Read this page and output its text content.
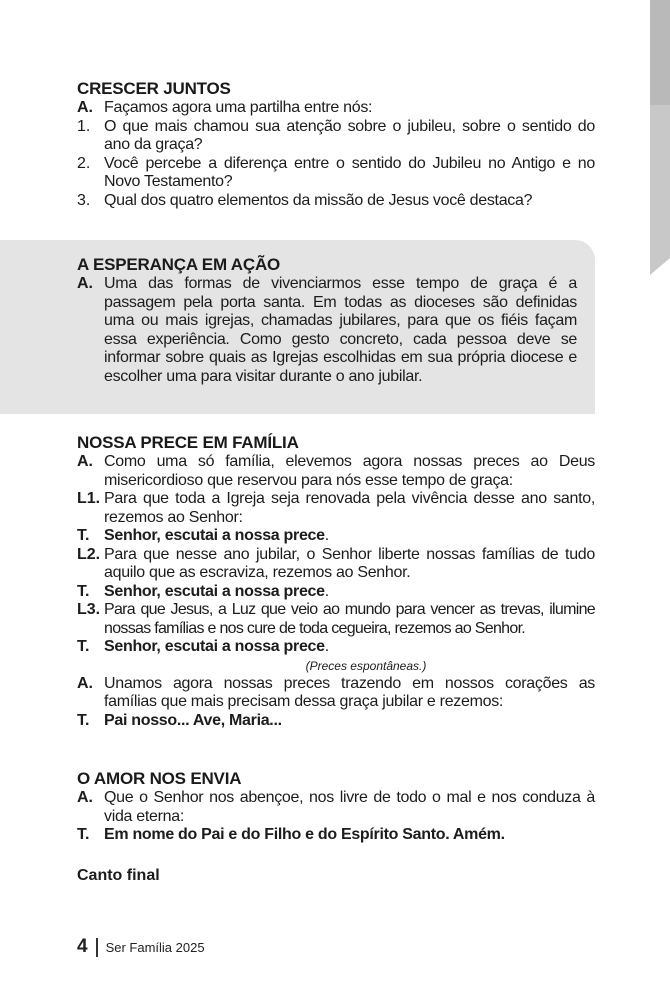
CRESCER JUNTOS
A. Façamos agora uma partilha entre nós:
1. O que mais chamou sua atenção sobre o jubileu, sobre o sentido do ano da graça?
2. Você percebe a diferença entre o sentido do Jubileu no Antigo e no Novo Testamento?
3. Qual dos quatro elementos da missão de Jesus você destaca?
A ESPERANÇA EM AÇÃO
A. Uma das formas de vivenciarmos esse tempo de graça é a passagem pela porta santa. Em todas as dioceses são definidas uma ou mais igrejas, chamadas jubilares, para que os fiéis façam essa experiência. Como gesto concreto, cada pessoa deve se informar sobre quais as Igrejas escolhidas em sua própria diocese e escolher uma para visitar durante o ano jubilar.
NOSSA PRECE EM FAMÍLIA
A. Como uma só família, elevemos agora nossas preces ao Deus misericordioso que reservou para nós esse tempo de graça:
L1. Para que toda a Igreja seja renovada pela vivência desse ano santo, rezemos ao Senhor:
T. Senhor, escutai a nossa prece.
L2. Para que nesse ano jubilar, o Senhor liberte nossas famílias de tudo aquilo que as escraviza, rezemos ao Senhor.
T. Senhor, escutai a nossa prece.
L3. Para que Jesus, a Luz que veio ao mundo para vencer as trevas, ilumine nossas famílias e nos cure de toda cegueira, rezemos ao Senhor.
T. Senhor, escutai a nossa prece.
(Preces espontâneas.)
A. Unamos agora nossas preces trazendo em nossos corações as famílias que mais precisam dessa graça jubilar e rezemos:
T. Pai nosso... Ave, Maria...
O AMOR NOS ENVIA
A. Que o Senhor nos abençoe, nos livre de todo o mal e nos conduza à vida eterna:
T. Em nome do Pai e do Filho e do Espírito Santo. Amém.
Canto final
4 Ser Família 2025
